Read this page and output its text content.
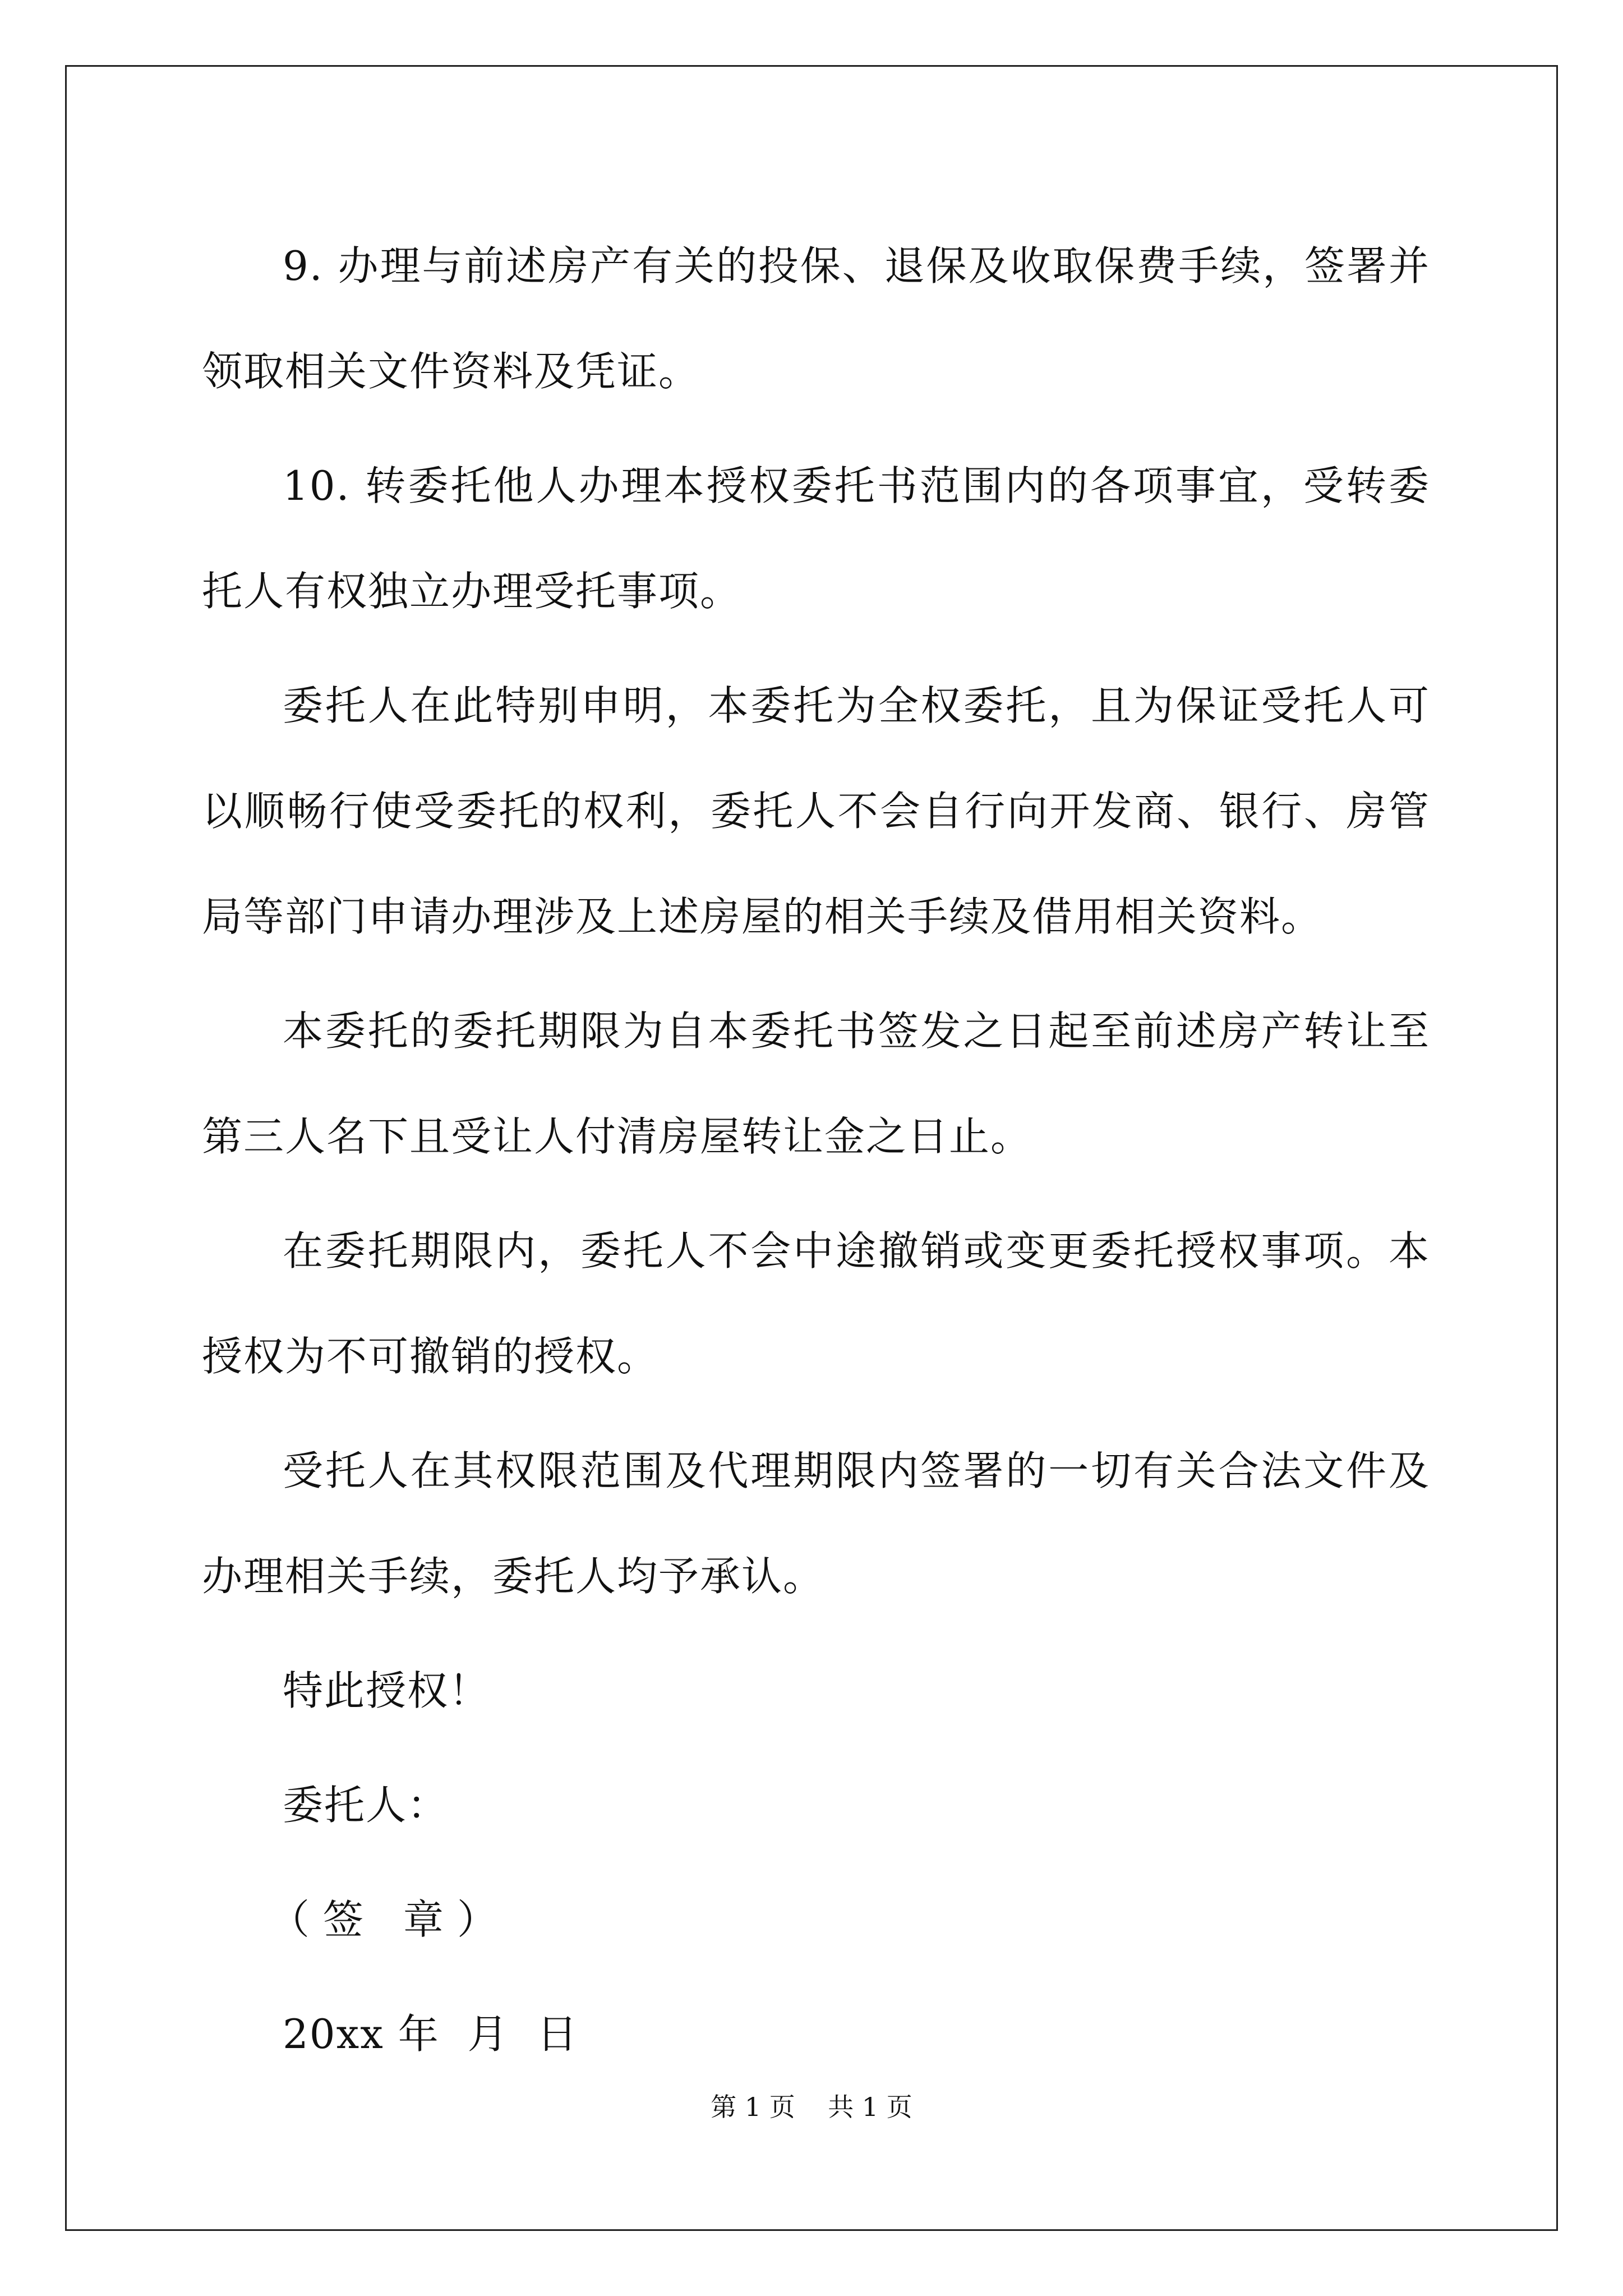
9. 办理与前述房产有关的投保、退保及收取保费手续，签署并领取相关文件资料及凭证。

10. 转委托他人办理本授权委托书范围内的各项事宜，受转委托人有权独立办理受托事项。

委托人在此特别申明，本委托为全权委托，且为保证受托人可以顺畅行使受委托的权利，委托人不会自行向开发商、银行、房管局等部门申请办理涉及上述房屋的相关手续及借用相关资料。

本委托的委托期限为自本委托书签发之日起至前述房产转让至第三人名下且受让人付清房屋转让金之日止。

在委托期限内，委托人不会中途撤销或变更委托授权事项。本授权为不可撤销的授权。

受托人在其权限范围及代理期限内签署的一切有关合法文件及办理相关手续，委托人均予承认。

特此授权！

委托人：

（签 章）

20xx 年  月  日

第 1 页    共 1 页
